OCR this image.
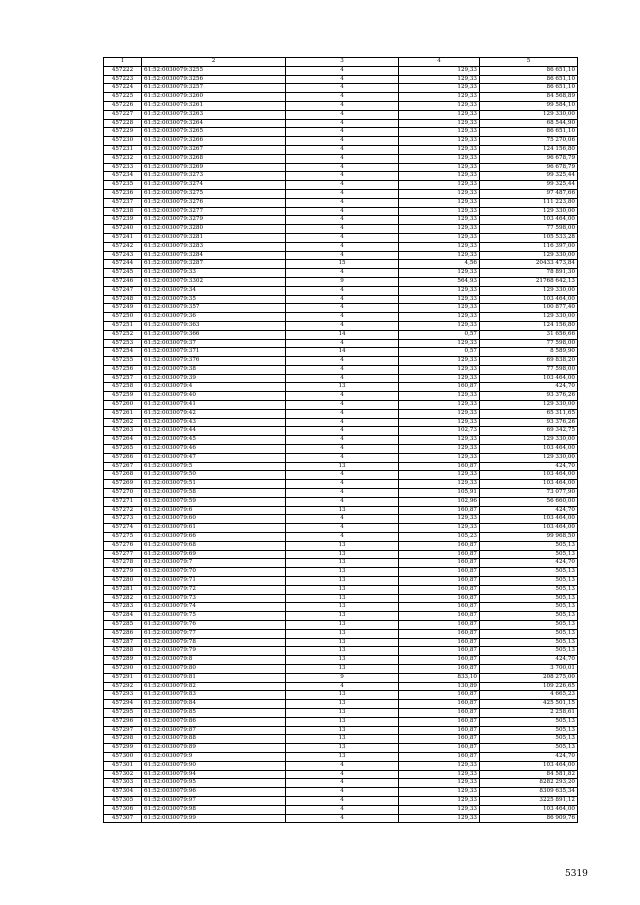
1	2	3	4	5
457222	61:52:0030079:3255	4	129,33	86 651,10
457223	61:52:0030079:3256	4	129,33	86 651,10
457224	61:52:0030079:3257	4	129,33	86 651,10
457225	61:52:0030079:3260	4	129,33	84 568,89
457226	61:52:0030079:3261	4	129,33	99 584,10
457227	61:52:0030079:3263	4	129,33	129 330,00
457228	61:52:0030079:3264	4	129,33	68 544,90
457229	61:52:0030079:3265	4	129,33	86 651,10
457230	61:52:0030079:3266	4	129,33	75 270,06
457231	61:52:0030079:3267	4	129,33	124 156,80
457232	61:52:0030079:3268	4	129,33	96 678,79
457233	61:52:0030079:3269	4	129,33	96 678,79
457234	61:52:0030079:3273	4	129,33	99 325,44
457235	61:52:0030079:3274	4	129,33	99 325,44
457236	61:52:0030079:3275	4	129,33	97 487,66
457237	61:52:0030079:3276	4	129,33	111 223,80
457238	61:52:0030079:3277	4	129,33	129 330,00
457239	61:52:0030079:3279	4	129,33	103 464,00
457240	61:52:0030079:3280	4	129,33	77 598,00
457241	61:52:0030079:3281	4	129,33	105 533,28
457242	61:52:0030079:3283	4	129,33	116 397,00
457243	61:52:0030079:3284	4	129,33	129 330,00
457244	61:52:0030079:3287	15	4,56	20433 473,84
457245	61:52:0030079:33	4	129,33	78 891,30
457246	61:52:0030079:3302	9	564,93	21768 642,13
457247	61:52:0030079:34	4	129,33	129 330,00
457248	61:52:0030079:35	4	129,33	103 464,00
457249	61:52:0030079:357	4	129,33	100 877,40
457250	61:52:0030079:36	4	129,33	129 330,00
457251	61:52:0030079:363	4	129,33	124 156,80
457252	61:52:0030079:366	14	0,57	31 656,66
457253	61:52:0030079:37	4	129,33	77 598,00
457254	61:52:0030079:371	14	0,57	8 589,90
457255	61:52:0030079:376	4	129,33	69 838,20
457256	61:52:0030079:38	4	129,33	77 598,00
457257	61:52:0030079:39	4	129,33	103 464,00
457258	61:52:0030079:4	13	160,87	424,70
457259	61:52:0030079:40	4	129,33	93 376,26
457260	61:52:0030079:41	4	129,33	129 330,00
457261	61:52:0030079:42	4	129,33	65 311,65
457262	61:52:0030079:43	4	129,33	93 376,26
457263	61:52:0030079:44	4	102,73	69 342,75
457264	61:52:0030079:45	4	129,33	129 330,00
457265	61:52:0030079:46	4	129,33	103 464,00
457266	61:52:0030079:47	4	129,33	129 330,00
457267	61:52:0030079:5	13	160,87	424,70
457268	61:52:0030079:50	4	129,33	103 464,00
457269	61:52:0030079:51	4	129,33	103 464,00
457270	61:52:0030079:58	4	105,91	73 077,90
457271	61:52:0030079:59	4	102,96	56 660,00
457272	61:52:0030079:6	13	160,87	424,70
457273	61:52:0030079:60	4	129,33	103 464,00
457274	61:52:0030079:61	4	129,33	103 464,00
457275	61:52:0030079:66	4	105,23	99 968,50
457276	61:52:0030079:68	13	160,87	505,13
457277	61:52:0030079:69	13	160,87	505,13
457278	61:52:0030079:7	13	160,87	424,70
457279	61:52:0030079:70	13	160,87	505,13
457280	61:52:0030079:71	13	160,87	505,13
457281	61:52:0030079:72	13	160,87	505,13
457282	61:52:0030079:73	13	160,87	505,13
457283	61:52:0030079:74	13	160,87	505,13
457284	61:52:0030079:75	13	160,87	505,13
457285	61:52:0030079:76	13	160,87	505,13
457286	61:52:0030079:77	13	160,87	505,13
457287	61:52:0030079:78	13	160,87	505,13
457288	61:52:0030079:79	13	160,87	505,13
457289	61:52:0030079:8	13	160,87	424,70
457290	61:52:0030079:80	13	160,87	3 700,01
457291	61:52:0030079:81	9	833,10	208 275,00
457292	61:52:0030079:82	4	130,89	109 226,65
457293	61:52:0030079:83	13	160,87	4 665,23
457294	61:52:0030079:84	13	160,87	425 501,15
457295	61:52:0030079:85	13	160,87	2 258,61
457296	61:52:0030079:86	13	160,87	505,13
457297	61:52:0030079:87	13	160,87	505,13
457298	61:52:0030079:88	13	160,87	505,13
457299	61:52:0030079:89	13	160,87	505,13
457300	61:52:0030079:9	13	160,87	424,70
457301	61:52:0030079:90	4	129,33	103 464,00
457302	61:52:0030079:94	4	129,33	84 581,82
457303	61:52:0030079:95	4	129,33	8282 293,20
457304	61:52:0030079:96	4	129,33	8309 635,34
457305	61:52:0030079:97	4	129,33	3225 891,12
457306	61:52:0030079:98	4	129,33	103 464,00
457307	61:52:0030079:99	4	129,33	86 909,76
5319
